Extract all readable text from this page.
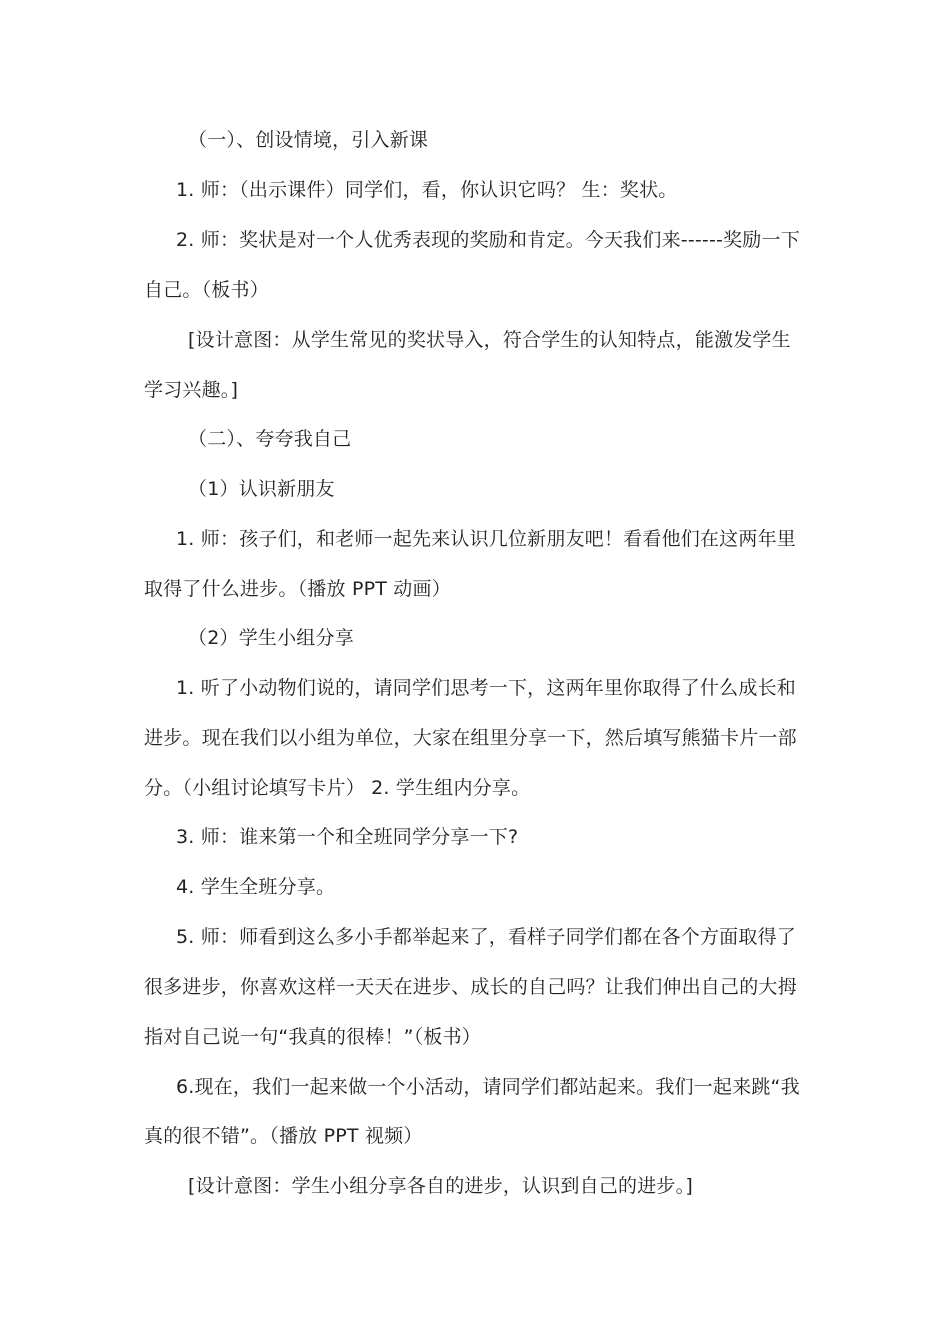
（一）、创设情境，引入新课
1. 师：（出示课件）同学们，看，你认识它吗？ 生：奖状。
2. 师：奖状是对一个人优秀表现的奖励和肯定。今天我们来------奖励一下
自己。（板书）
[设计意图：从学生常见的奖状导入，符合学生的认知特点，能激发学生
学习兴趣。]
（二）、夸夸我自己
（1）认识新朋友
1. 师：孩子们，和老师一起先来认识几位新朋友吧！看看他们在这两年里
取得了什么进步。（播放 PPT 动画）
（2）学生小组分享
1. 听了小动物们说的，请同学们思考一下，这两年里你取得了什么成长和
进步。现在我们以小组为单位，大家在组里分享一下，然后填写熊猫卡片一部
分。（小组讨论填写卡片） 2. 学生组内分享。
3. 师：谁来第一个和全班同学分享一下?
4. 学生全班分享。
5. 师：师看到这么多小手都举起来了，看样子同学们都在各个方面取得了
很多进步，你喜欢这样一天天在进步、成长的自己吗？让我们伸出自己的大拇
指对自己说一句“我真的很棒！”（板书）
6.现在，我们一起来做一个小活动，请同学们都站起来。我们一起来跳“我
真的很不错”。（播放 PPT 视频）
[设计意图：学生小组分享各自的进步，认识到自己的进步。]
